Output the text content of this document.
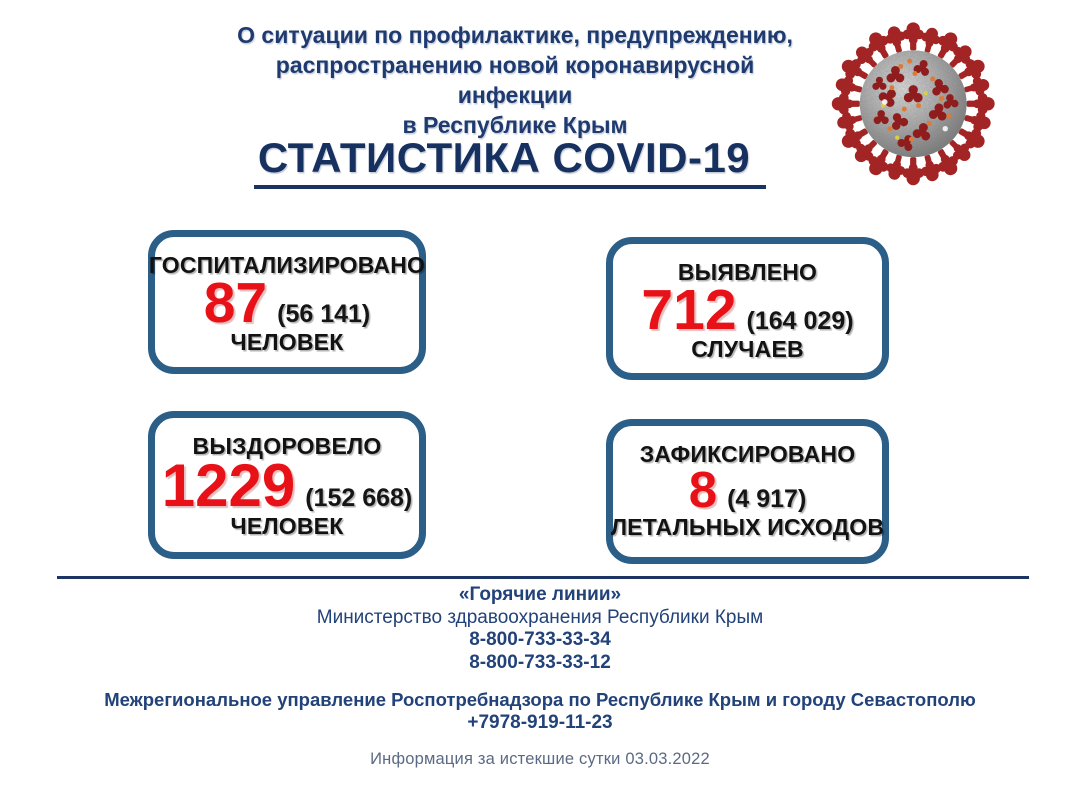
О ситуации по профилактике, предупреждению,
распространению новой коронавирусной инфекции
в Республике Крым
СТАТИСТИКА COVID-19
ГОСПИТАЛИЗИРОВАНО
87 (56 141)
ЧЕЛОВЕК
ВЫЯВЛЕНО
712 (164 029)
СЛУЧАЕВ
ВЫЗДОРОВЕЛО
1229 (152 668)
ЧЕЛОВЕК
ЗАФИКСИРОВАНО
8 (4 917)
ЛЕТАЛЬНЫХ ИСХОДОВ
«Горячие линии»
Министерство здравоохранения Республики Крым
8-800-733-33-34
8-800-733-33-12
Межрегиональное управление Роспотребнадзора по Республике Крым и городу Севастополю
+7978-919-11-23
Информация за истекшие сутки 03.03.2022
